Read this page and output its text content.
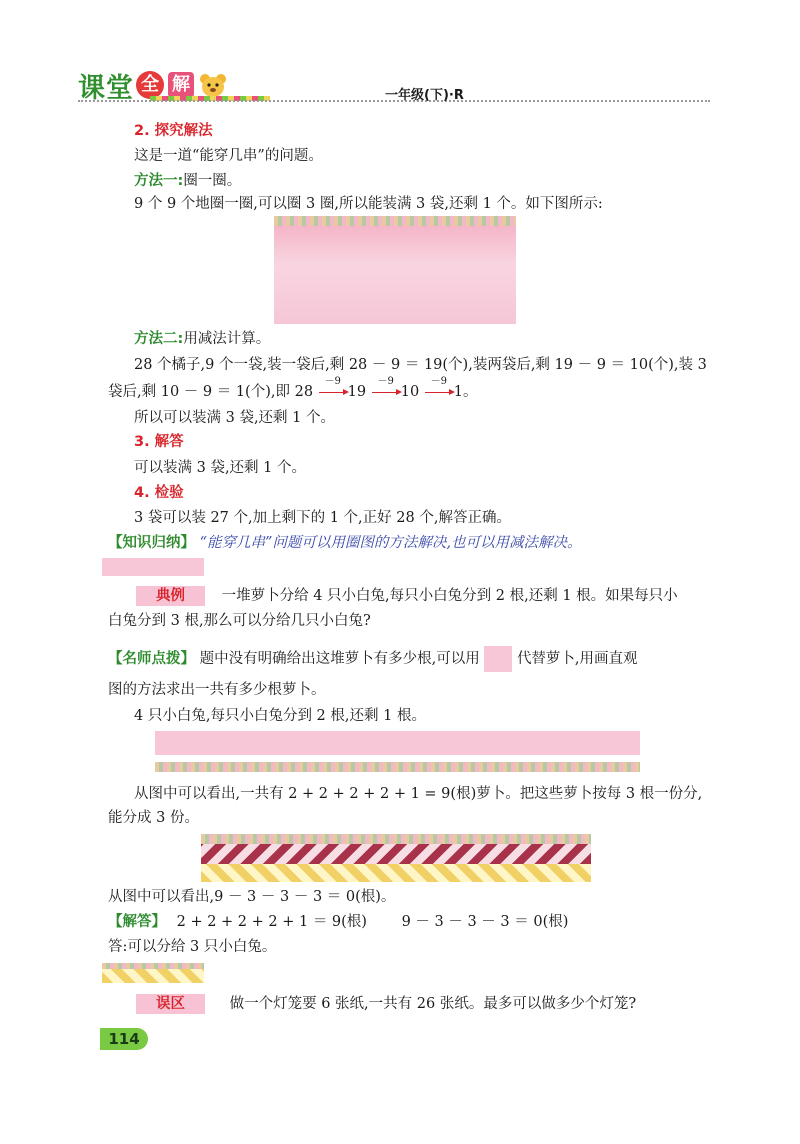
课 堂 全 解
一年级(下)·R
2. 探究解法
这是一道“能穿几串”的问题。
方法一:圈一圈。
9 个 9 个地圈一圈,可以圈 3 圈,所以能装满 3 袋,还剩 1 个。如下图所示:
方法二:用减法计算。
28 个橘子,9 个一袋,装一袋后,剩 28 － 9 ＝ 19(个),装两袋后,剩 19 － 9 ＝ 10(个),装 3
袋后,剩 10 － 9 ＝ 1(个),即 28
－9
19
－9
10
－9
1。
所以可以装满 3 袋,还剩 1 个。
3. 解答
可以装满 3 袋,还剩 1 个。
4. 检验
3 袋可以装 27 个,加上剩下的 1 个,正好 28 个,解答正确。
【知识归纳】 “能穿几串”问题可以用圈图的方法解决,也可以用减法解决。
典例	一堆萝卜分给 4 只小白兔,每只小白兔分到 2 根,还剩 1 根。如果每只小
白兔分到 3 根,那么可以分给几只小白兔?
【名师点拨】 题中没有明确给出这堆萝卜有多少根,可以用	代替萝卜,用画直观
图的方法求出一共有多少根萝卜。
4 只小白兔,每只小白兔分到 2 根,还剩 1 根。
从图中可以看出,一共有 2 + 2 + 2 + 2 + 1 = 9(根)萝卜。把这些萝卜按每 3 根一份分,
能分成 3 份。
从图中可以看出,9 － 3 － 3 － 3 ＝ 0(根)。
【解答】 2 + 2 + 2 + 2 + 1 ＝ 9(根) 9 － 3 － 3 － 3 ＝ 0(根)
答:可以分给 3 只小白兔。
误区	做一个灯笼要 6 张纸,一共有 26 张纸。最多可以做多少个灯笼?
114
